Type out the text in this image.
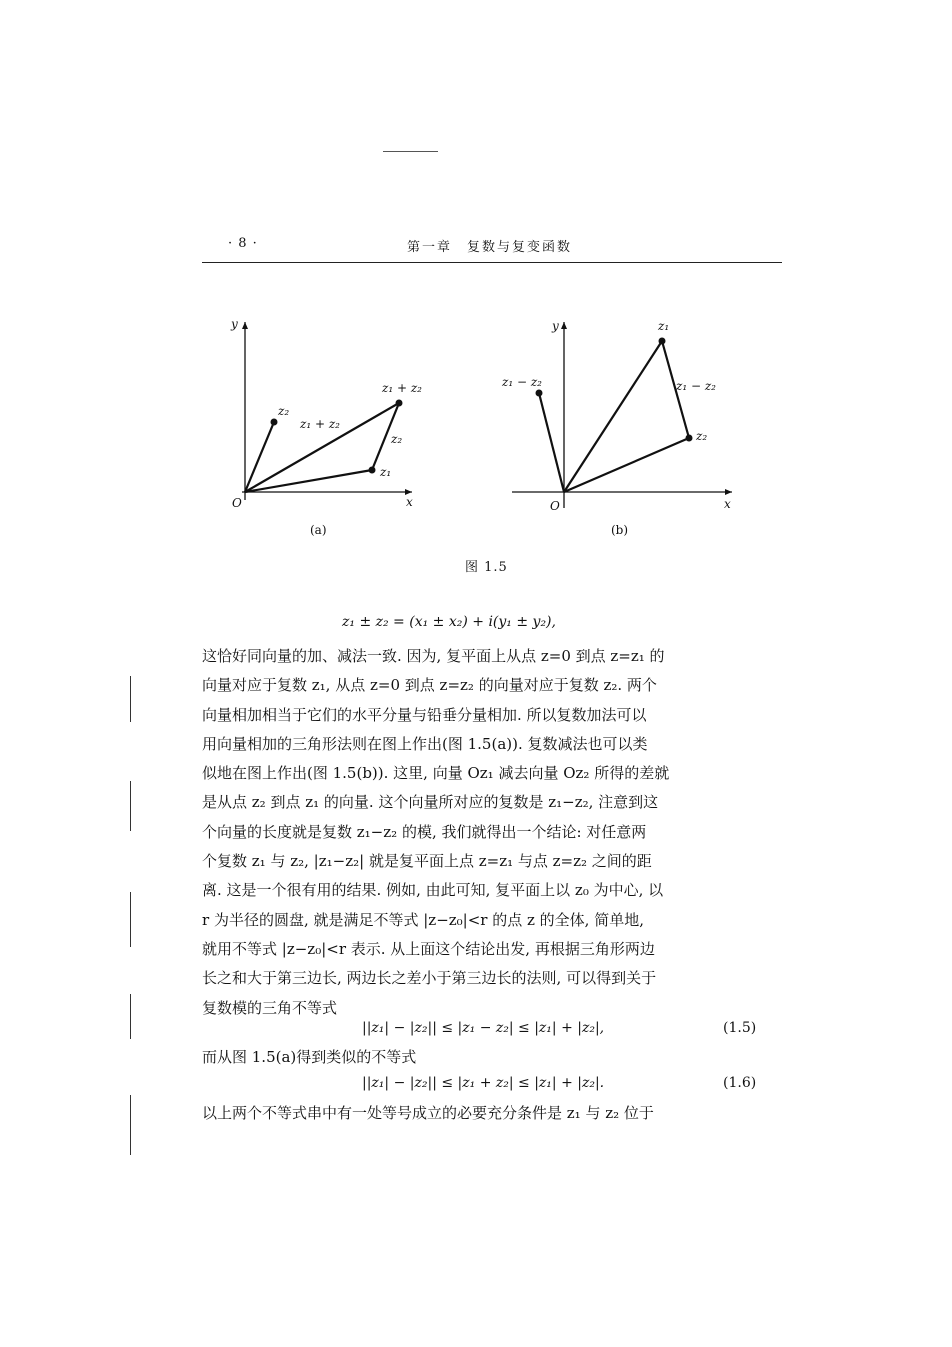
· 8 ·	第一章　复数与复变函数
y
x
O
z₂
z₁
z₁ + z₂
z₁ + z₂
z₂
(a)
y
x
O
z₁
z₂
z₁ − z₂	z₁ − z₂
(b)
图 1.5
z₁ ± z₂ = (x₁ ± x₂) + i(y₁ ± y₂),
这恰好同向量的加、减法一致. 因为, 复平面上从点 z=0 到点 z=z₁ 的
向量对应于复数 z₁, 从点 z=0 到点 z=z₂ 的向量对应于复数 z₂. 两个
向量相加相当于它们的水平分量与铅垂分量相加. 所以复数加法可以
用向量相加的三角形法则在图上作出(图 1.5(a)). 复数减法也可以类
似地在图上作出(图 1.5(b)). 这里, 向量 Oz₁ 减去向量 Oz₂ 所得的差就
是从点 z₂ 到点 z₁ 的向量. 这个向量所对应的复数是 z₁−z₂, 注意到这
个向量的长度就是复数 z₁−z₂ 的模, 我们就得出一个结论: 对任意两
个复数 z₁ 与 z₂, |z₁−z₂| 就是复平面上点 z=z₁ 与点 z=z₂ 之间的距
离. 这是一个很有用的结果. 例如, 由此可知, 复平面上以 z₀ 为中心, 以
r 为半径的圆盘, 就是满足不等式 |z−z₀|<r 的点 z 的全体, 简单地,
就用不等式 |z−z₀|<r 表示. 从上面这个结论出发, 再根据三角形两边
长之和大于第三边长, 两边长之差小于第三边长的法则, 可以得到关于
复数模的三角不等式
||z₁| − |z₂|| ≤ |z₁ − z₂| ≤ |z₁| + |z₂|,	(1.5)
而从图 1.5(a)得到类似的不等式
||z₁| − |z₂|| ≤ |z₁ + z₂| ≤ |z₁| + |z₂|.	(1.6)
以上两个不等式串中有一处等号成立的必要充分条件是 z₁ 与 z₂ 位于
